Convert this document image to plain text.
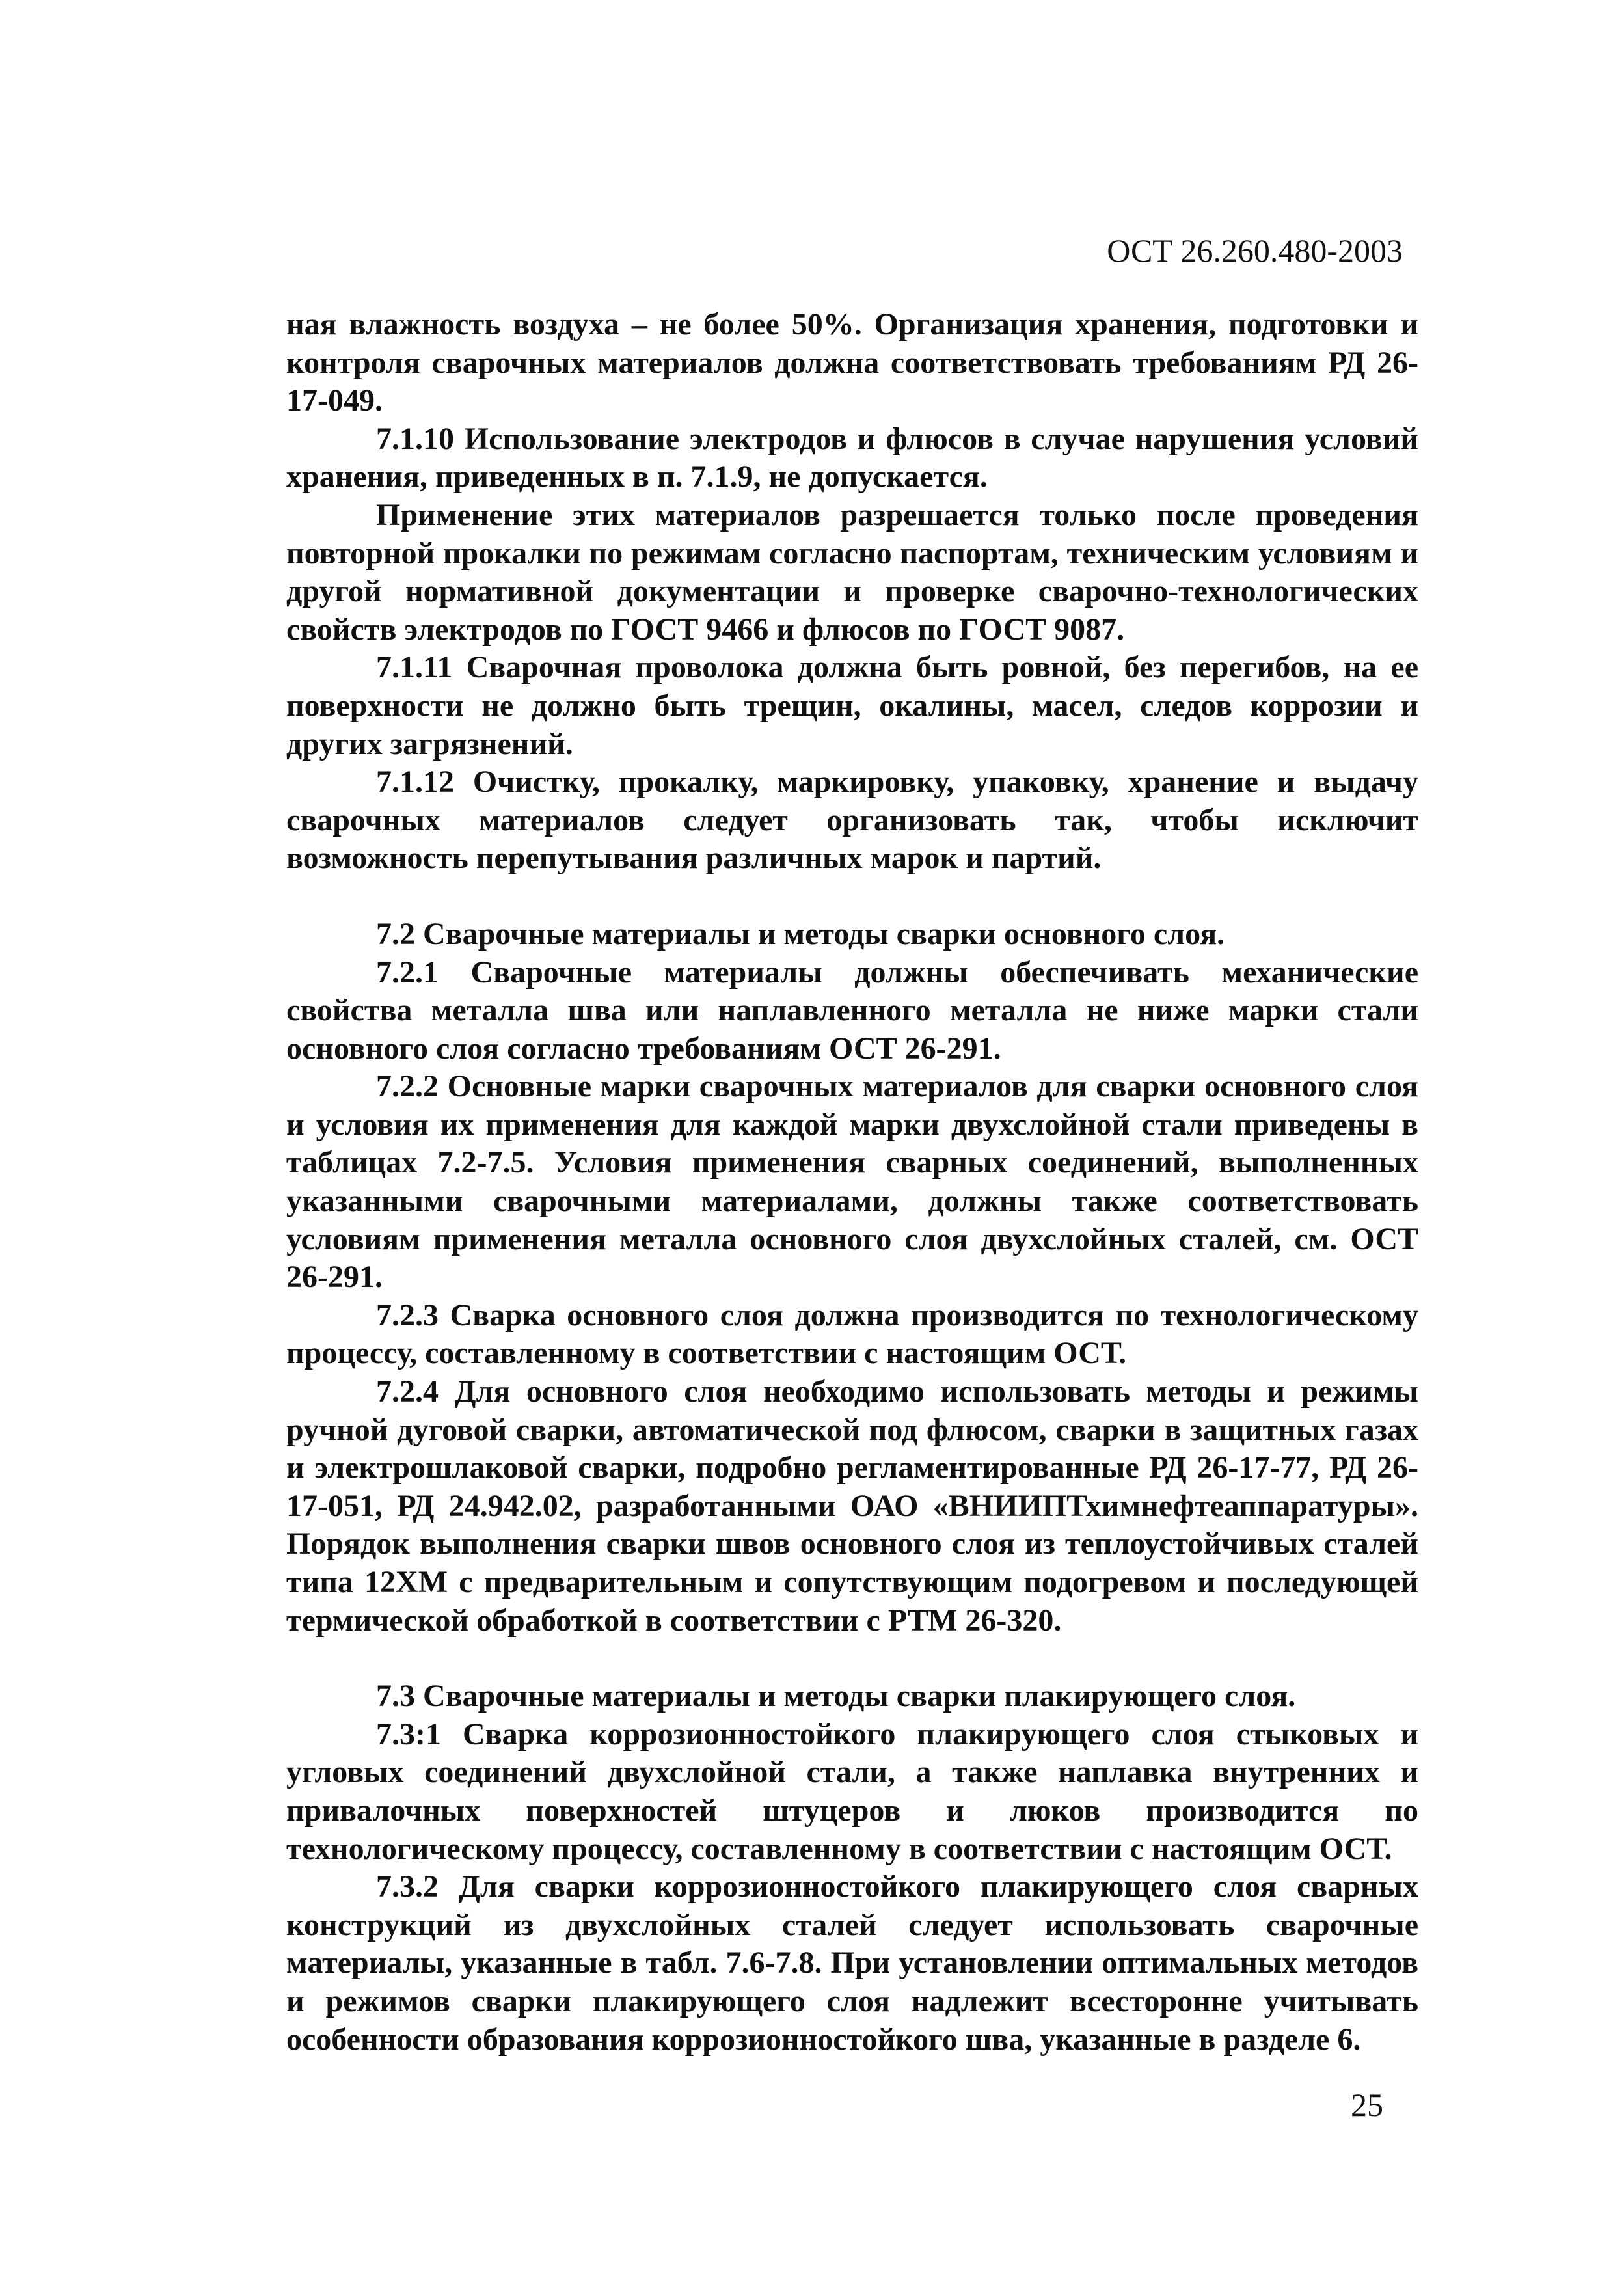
ОСТ 26.260.480-2003

ная влажность воздуха – не более 50%. Организация хранения, подготовки и контроля сварочных материалов должна соответствовать требованиям РД 26-17-049.

7.1.10 Использование электродов и флюсов в случае нарушения условий хранения, приведенных в п. 7.1.9, не допускается.

Применение этих материалов разрешается только после проведения повторной прокалки по режимам согласно паспортам, техническим условиям и другой нормативной документации и проверке сварочно-технологических свойств электродов по ГОСТ 9466 и флюсов по ГОСТ 9087.

7.1.11 Сварочная проволока должна быть ровной, без перегибов, на ее поверхности не должно быть трещин, окалины, масел, следов коррозии и других загрязнений.

7.1.12 Очистку, прокалку, маркировку, упаковку, хранение и выдачу сварочных материалов следует организовать так, чтобы исключит возможность перепутывания различных марок и партий.

7.2 Сварочные материалы и методы сварки основного слоя.

7.2.1 Сварочные материалы должны обеспечивать механические свойства металла шва или наплавленного металла не ниже марки стали основного слоя согласно требованиям ОСТ 26-291.

7.2.2 Основные марки сварочных материалов для сварки основного слоя и условия их применения для каждой марки двухслойной стали приведены в таблицах 7.2-7.5. Условия применения сварных соединений, выполненных указанными сварочными материалами, должны также соответствовать условиям применения металла основного слоя двухслойных сталей, см. ОСТ 26-291.

7.2.3 Сварка основного слоя должна производится по технологическому процессу, составленному в соответствии с настоящим ОСТ.

7.2.4 Для основного слоя необходимо использовать методы и режимы ручной дуговой сварки, автоматической под флюсом, сварки в защитных газах и электрошлаковой сварки, подробно регламентированные РД 26-17-77, РД 26-17-051, РД 24.942.02, разработанными ОАО «ВНИИПТхимнефтеаппаратуры». Порядок выполнения сварки швов основного слоя из теплоустойчивых сталей типа 12ХМ с предварительным и сопутствующим подогревом и последующей термической обработкой в соответствии с РТМ 26-320.

7.3 Сварочные материалы и методы сварки плакирующего слоя.

7.3:1 Сварка коррозионностойкого плакирующего слоя стыковых и угловых соединений двухслойной стали, а также наплавка внутренних и привалочных поверхностей штуцеров и люков производится по технологическому процессу, составленному в соответствии с настоящим ОСТ.

7.3.2 Для сварки коррозионностойкого плакирующего слоя сварных конструкций из двухслойных сталей следует использовать сварочные материалы, указанные в табл. 7.6-7.8. При установлении оптимальных методов и режимов сварки плакирующего слоя надлежит всесторонне учитывать особенности образования коррозионностойкого шва, указанные в разделе 6.

25
